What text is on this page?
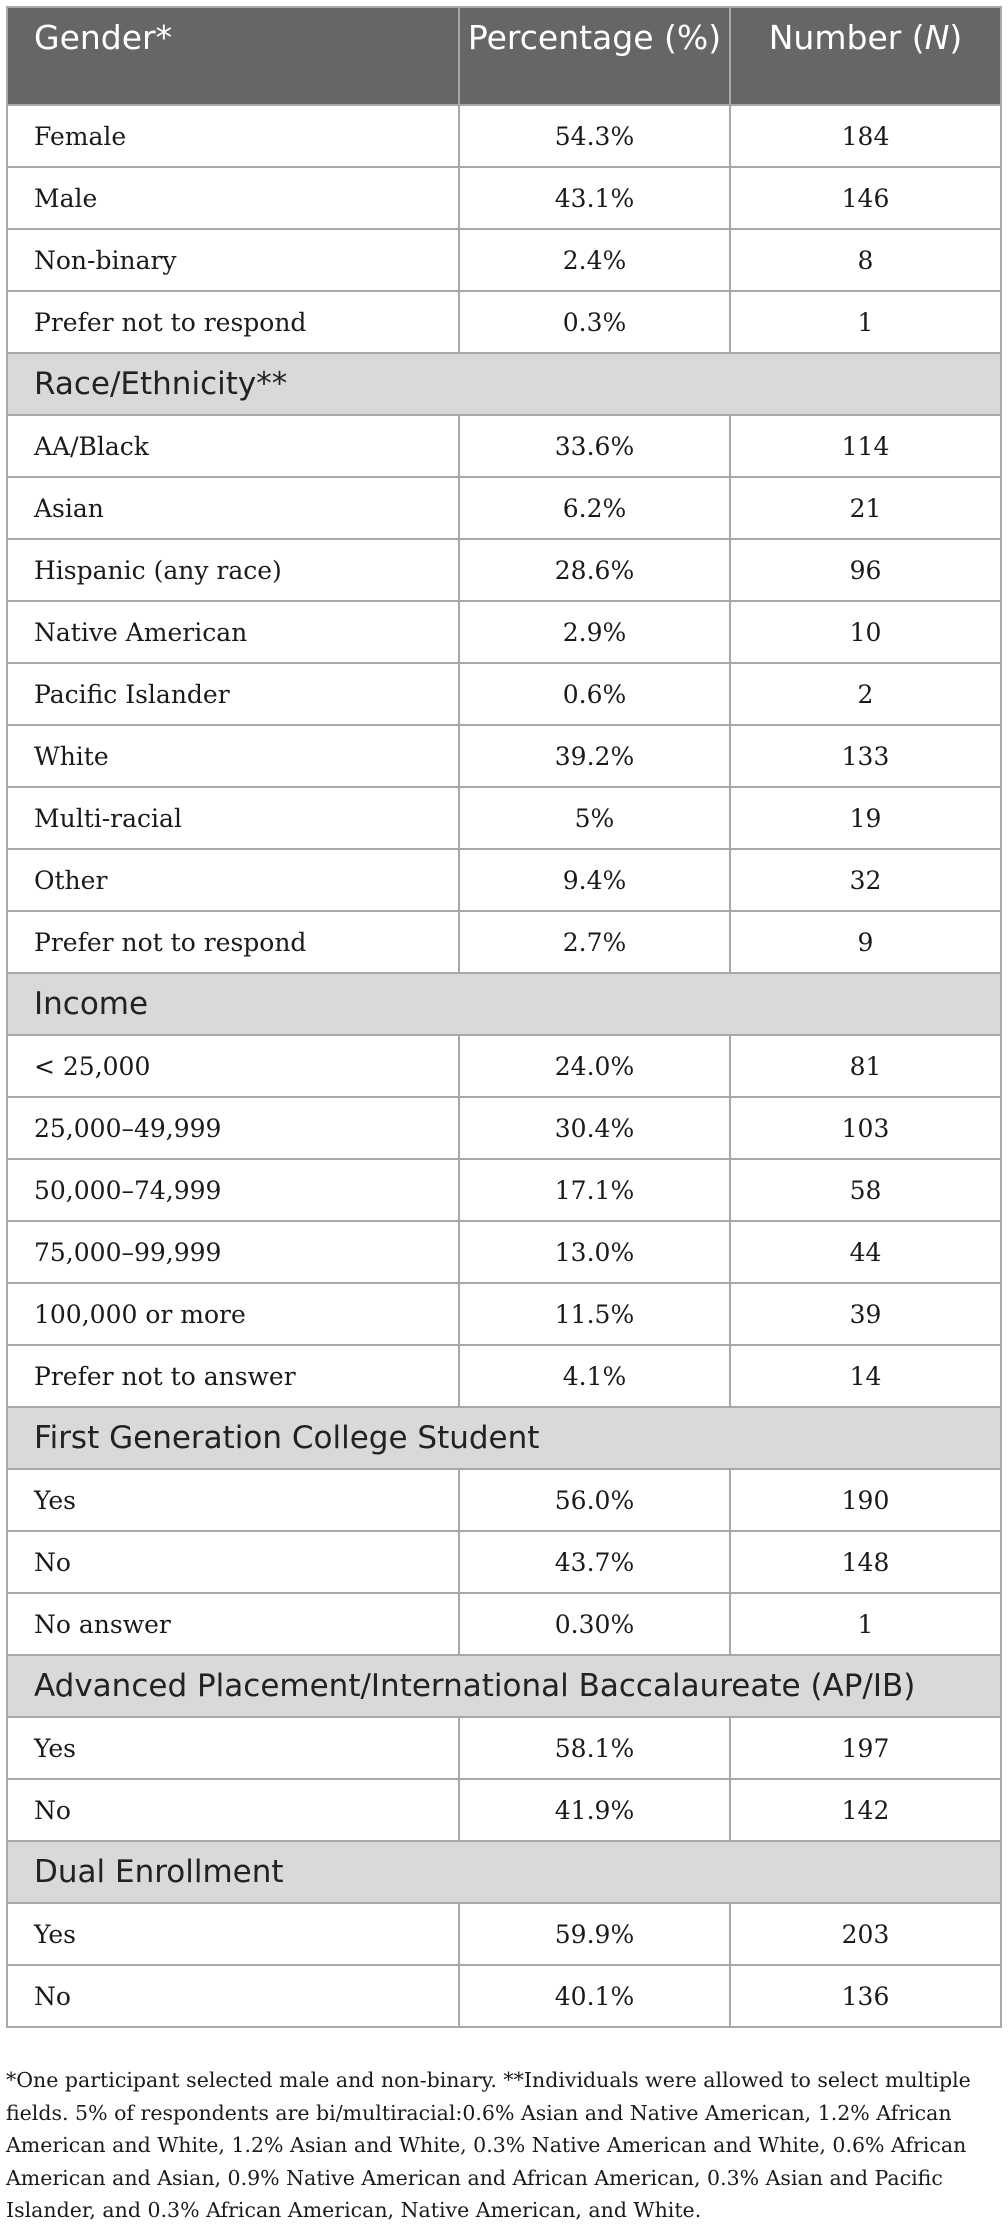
Gender*	Percentage (%)	Number (N)
Female	54.3%	184
Male	43.1%	146
Non-binary	2.4%	8
Prefer not to respond	0.3%	1
Race/Ethnicity**		
AA/Black	33.6%	114
Asian	6.2%	21
Hispanic (any race)	28.6%	96
Native American	2.9%	10
Pacific Islander	0.6%	2
White	39.2%	133
Multi-racial	5%	19
Other	9.4%	32
Prefer not to respond	2.7%	9
Income		
< 25,000	24.0%	81
25,000–49,999	30.4%	103
50,000–74,999	17.1%	58
75,000–99,999	13.0%	44
100,000 or more	11.5%	39
Prefer not to answer	4.1%	14
First Generation College Student		
Yes	56.0%	190
No	43.7%	148
No answer	0.30%	1
Advanced Placement/International Baccalaureate (AP/IB)		
Yes	58.1%	197
No	41.9%	142
Dual Enrollment		
Yes	59.9%	203
No	40.1%	136
*One participant selected male and non-binary. **Individuals were allowed to select multiple fields. 5% of respondents are bi/multiracial:0.6% Asian and Native American, 1.2% African American and White, 1.2% Asian and White, 0.3% Native American and White, 0.6% African American and Asian, 0.9% Native American and African American, 0.3% Asian and Pacific Islander, and 0.3% African American, Native American, and White.
